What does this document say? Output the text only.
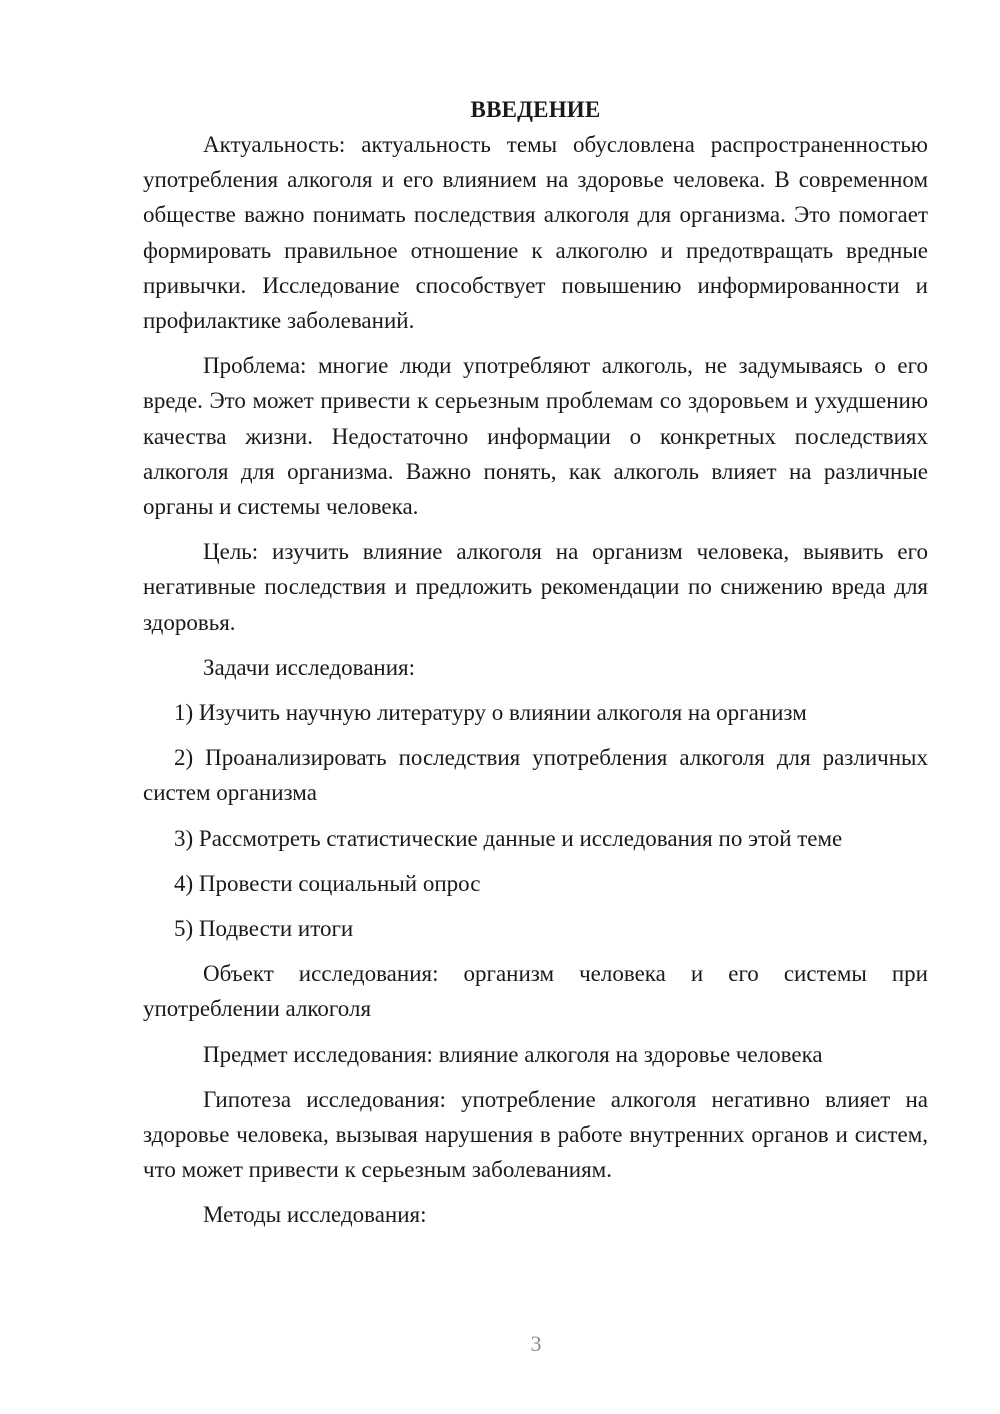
ВВЕДЕНИЕ

Актуальность: актуальность темы обусловлена распространенностью употребления алкоголя и его влиянием на здоровье человека. В современном обществе важно понимать последствия алкоголя для организма. Это помогает формировать правильное отношение к алкоголю и предотвращать вредные привычки. Исследование способствует повышению информированности и профилактике заболеваний.

Проблема: многие люди употребляют алкоголь, не задумываясь о его вреде. Это может привести к серьезным проблемам со здоровьем и ухудшению качества жизни. Недостаточно информации о конкретных последствиях алкоголя для организма. Важно понять, как алкоголь влияет на различные органы и системы человека.

Цель: изучить влияние алкоголя на организм человека, выявить его негативные последствия и предложить рекомендации по снижению вреда для здоровья.

Задачи исследования:

1) Изучить научную литературу о влиянии алкоголя на организм

2) Проанализировать последствия употребления алкоголя для различных систем организма

3) Рассмотреть статистические данные и исследования по этой теме

4) Провести социальный опрос

5) Подвести итоги

Объект исследования: организм человека и его системы при употреблении алкоголя

Предмет исследования: влияние алкоголя на здоровье человека

Гипотеза исследования: употребление алкоголя негативно влияет на здоровье человека, вызывая нарушения в работе внутренних органов и систем, что может привести к серьезным заболеваниям.

Методы исследования:

3
